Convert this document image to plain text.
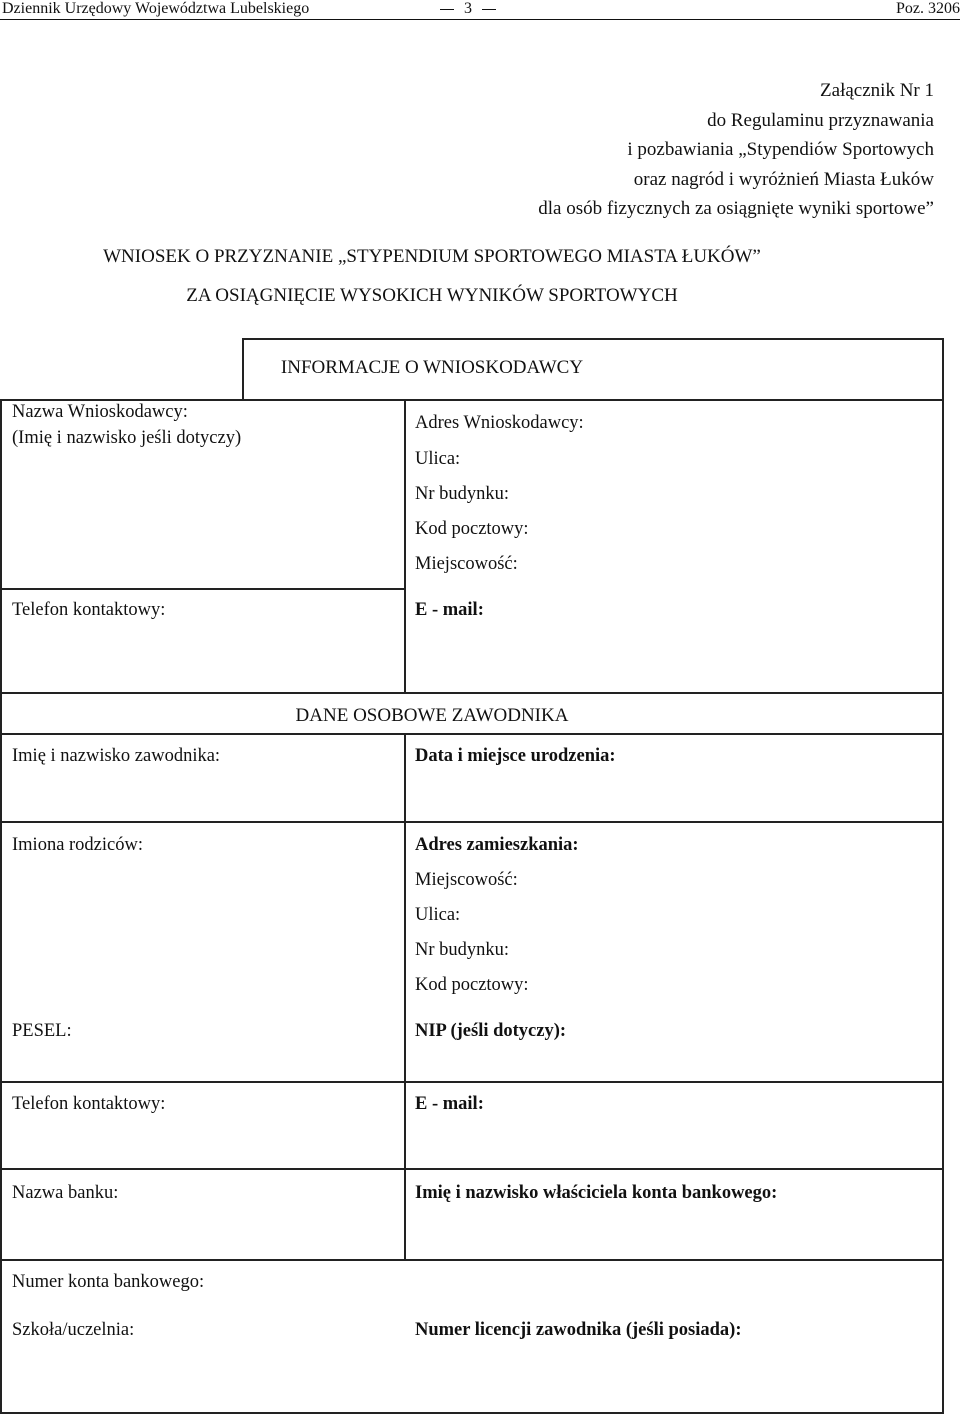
Dziennik Urzędowy Województwa Lubelskiego	3	Poz. 3206
Załącznik Nr 1
do Regulaminu przyznawania
i pozbawiania „Stypendiów Sportowych
oraz nagród i wyróżnień Miasta Łuków
dla osób fizycznych za osiągnięte wyniki sportowe”
WNIOSEK O PRZYZNANIE „STYPENDIUM SPORTOWEGO MIASTA ŁUKÓW”
ZA OSIĄGNIĘCIE WYSOKICH WYNIKÓW SPORTOWYCH
INFORMACJE O WNIOSKODAWCY
Nazwa Wnioskodawcy:
(Imię i nazwisko jeśli dotyczy)
Adres Wnioskodawcy:
Ulica:
Nr budynku:
Kod pocztowy:
Miejscowość:
Telefon kontaktowy:	E - mail:
DANE OSOBOWE ZAWODNIKA
Imię i nazwisko zawodnika:	Data i miejsce urodzenia:
Imiona rodziców:	Adres zamieszkania:
Miejscowość:
Ulica:
Nr budynku:
Kod pocztowy:
PESEL:	NIP (jeśli dotyczy):
Telefon kontaktowy:	E - mail:
Nazwa banku:	Imię i nazwisko właściciela konta bankowego:
Numer konta bankowego:
Szkoła/uczelnia:	Numer licencji zawodnika (jeśli posiada):
